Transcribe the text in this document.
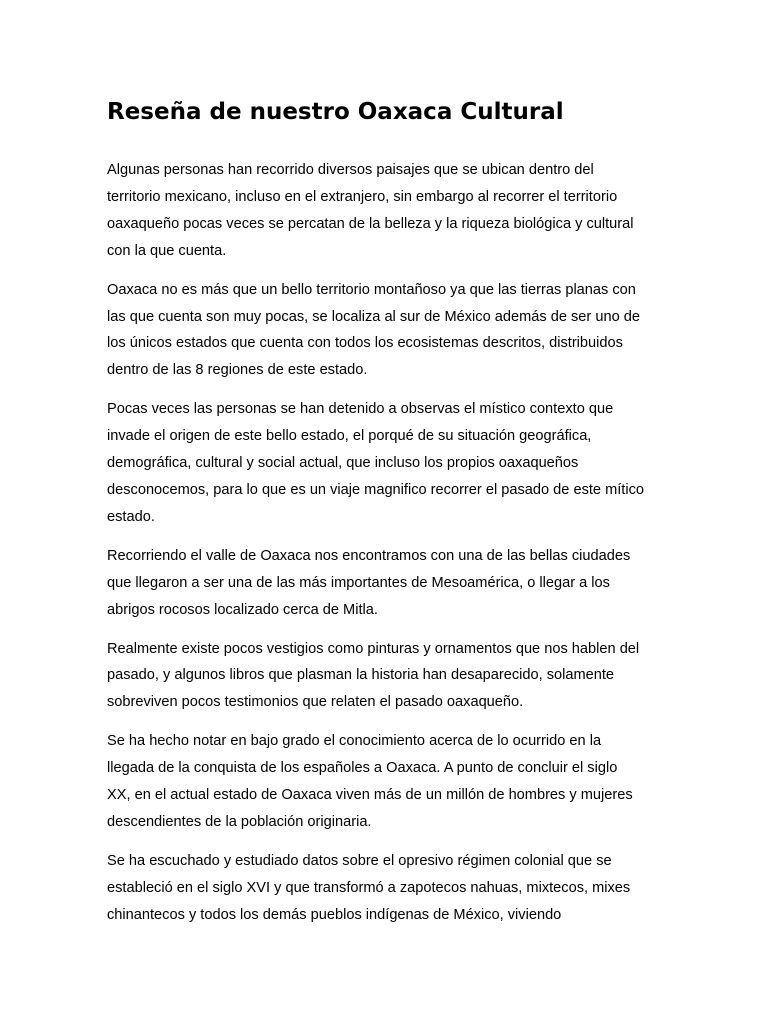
Reseña de nuestro Oaxaca Cultural

Algunas personas han recorrido diversos paisajes que se ubican dentro del
territorio mexicano, incluso en el extranjero, sin embargo al recorrer el territorio
oaxaqueño pocas veces se percatan de la belleza y la riqueza biológica y cultural
con la que cuenta.

Oaxaca no es más que un bello territorio montañoso ya que las tierras planas con
las que cuenta son muy pocas, se localiza al sur de México además de ser uno de
los únicos estados que cuenta con todos los ecosistemas descritos, distribuidos
dentro de las 8 regiones de este estado.

Pocas veces las personas se han detenido a observas el místico contexto que
invade el origen de este bello estado, el porqué de su situación geográfica,
demográfica, cultural y social actual, que incluso los propios oaxaqueños
desconocemos, para lo que es un viaje magnifico recorrer el pasado de este mítico
estado.

Recorriendo el valle de Oaxaca nos encontramos con una de las bellas ciudades
que llegaron a ser una de las más importantes de Mesoamérica, o llegar a los
abrigos rocosos localizado cerca de Mitla.

Realmente existe pocos vestigios como pinturas y ornamentos que nos hablen del
pasado, y algunos libros que plasman la historia han desaparecido, solamente
sobreviven pocos testimonios que relaten el pasado oaxaqueño.

Se ha hecho notar en bajo grado el conocimiento acerca de lo ocurrido en la
llegada de la conquista de los españoles a Oaxaca. A punto de concluir el siglo
XX, en el actual estado de Oaxaca viven más de un millón de hombres y mujeres
descendientes de la población originaria.

Se ha escuchado y estudiado datos sobre el opresivo régimen colonial que se
estableció en el siglo XVI y que transformó a zapotecos nahuas, mixtecos, mixes
chinantecos y todos los demás pueblos indígenas de México, viviendo
